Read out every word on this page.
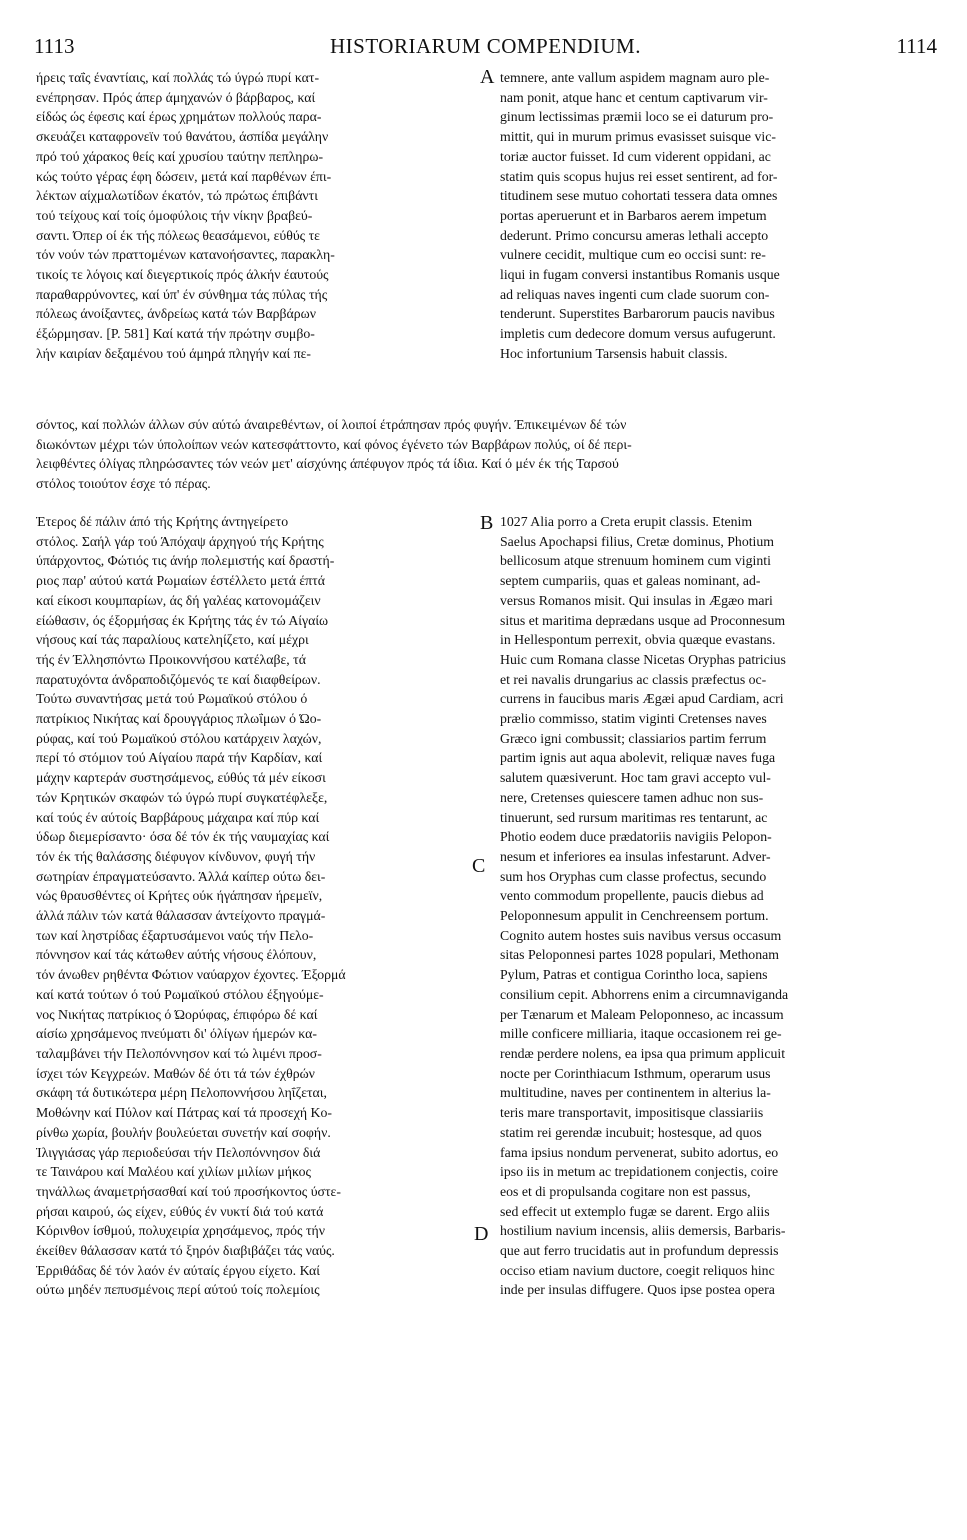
1113	HISTORIARUM COMPENDIUM.	1114
A
B
C
D
ήρεις ταΐς έναντίαις, καί πολλάς τώ ύγρώ πυρί κατ-
ενέπρησαν. Πρός άπερ άμηχανών ό βάρβαρος, καί
είδώς ώς έφεσις καί έρως χρημάτων πολλούς παρα-
σκευάζει καταφρονεϊν τού θανάτου, άσπίδα μεγάλην
πρό τού χάρακος θείς καί χρυσίου ταύτην πεπληρω-
κώς τούτο γέρας έφη δώσειν, μετά καί παρθένων έπι-
λέκτων αίχμαλωτίδων έκατόν, τώ πρώτως έπιβάντι
τού τείχους καί τοίς όμοφύλοις τήν νίκην βραβεύ-
σαντι. Όπερ οί έκ τής πόλεως θεασάμενοι, εύθύς τε
τόν νούν τών πραττομένων κατανοήσαντες, παρακλη-
τικοίς τε λόγοις καί διεγερτικοίς πρός άλκήν έαυτούς
παραθαρρύνοντες, καί ύπ' έν σύνθημα τάς πύλας τής
πόλεως άνοίξαντες, άνδρείως κατά τών Βαρβάρων
έξώρμησαν. [P. 581] Καί κατά τήν πρώτην συμβο-
λήν καιρίαν δεξαμένου τού άμηρά πληγήν καί πε-
temnere, ante vallum aspidem magnam auro ple-
nam ponit, atque hanc et centum captivarum vir-
ginum lectissimas præmii loco se ei daturum pro-
mittit, qui in murum primus evasisset suisque vic-
toriæ auctor fuisset. Id cum viderent oppidani, ac
statim quis scopus hujus rei esset sentirent, ad for-
titudinem sese mutuo cohortati tessera data omnes
portas aperuerunt et in Barbaros aerem impetum
dederunt. Primo concursu ameras lethali accepto
vulnere cecidit, multique cum eo occisi sunt: re-
liqui in fugam conversi instantibus Romanis usque
ad reliquas naves ingenti cum clade suorum con-
tenderunt. Superstites Barbarorum paucis navibus
impletis cum dedecore domum versus aufugerunt.
Hoc infortunium Tarsensis habuit classis.
σόντος, καί πολλών άλλων σύν αύτώ άναιρεθέντων, οί λοιποί έτράπησαν πρός φυγήν. Έπικειμένων δέ τών
διωκόντων μέχρι τών ύπολοίπων νεών κατεσφάττοντο, καί φόνος έγένετο τών Βαρβάρων πολύς, οί δέ περι-
λειφθέντες όλίγας πληρώσαντες τών νεών μετ' αίσχύνης άπέφυγον πρός τά ίδια. Καί ό μέν έκ τής Ταρσού
στόλος τοιούτον έσχε τό πέρας.
Έτερος δέ πάλιν άπό τής Κρήτης άντηγείρετο
στόλος. Σαήλ γάρ τού Άπόχαψ άρχηγού τής Κρήτης
ύπάρχοντος, Φώτιός τις άνήρ πολεμιστής καί δραστή-
ριος παρ' αύτού κατά Ρωμαίων έστέλλετο μετά έπτά
καί είκοσι κουμπαρίων, άς δή γαλέας κατονομάζειν
είώθασιν, ός έξορμήσας έκ Κρήτης τάς έν τώ Αίγαίω
νήσους καί τάς παραλίους κατεληίζετο, καί μέχρι
τής έν Έλλησπόντω Προικοννήσου κατέλαβε, τά
παρατυχόντα άνδραποδιζόμενός τε καί διαφθείρων.
Τούτω συναντήσας μετά τού Ρωμαϊκού στόλου ό
πατρίκιος Νικήτας καί δρουγγάριος πλωΐμων ό Ώο-
ρύφας, καί τού Ρωμαϊκού στόλου κατάρχειν λαχών,
περί τό στόμιον τού Αίγαίου παρά τήν Καρδίαν, καί
μάχην καρτεράν συστησάμενος, εύθύς τά μέν είκοσι
τών Κρητικών σκαφών τώ ύγρώ πυρί συγκατέφλεξε,
καί τούς έν αύτοίς Βαρβάρους μάχαιρα καί πύρ καί
ύδωρ διεμερίσαντο· όσα δέ τόν έκ τής ναυμαχίας καί
τόν έκ τής θαλάσσης διέφυγον κίνδυνον, φυγή τήν
σωτηρίαν έπραγματεύσαντο. Άλλά καίπερ ούτω δει-
νώς θραυσθέντες οί Κρήτες ούκ ήγάπησαν ήρεμεϊν,
άλλά πάλιν τών κατά θάλασσαν άντείχοντο πραγμά-
των καί ληστρίδας έξαρτυσάμενοι ναύς τήν Πελο-
πόννησον καί τάς κάτωθεν αύτής νήσους έλόπουν,
τόν άνωθεν ρηθέντα Φώτιον ναύαρχον έχοντες. Έξορμά
καί κατά τούτων ό τού Ρωμαϊκού στόλου έξηγούμε-
νος Νικήτας πατρίκιος ό Ώορύφας, έπιφόρω δέ καί
αίσίω χρησάμενος πνεύματι δι' όλίγων ήμερών κα-
ταλαμβάνει τήν Πελοπόννησον καί τώ λιμένι προσ-
ίσχει τών Κεγχρεών. Μαθών δέ ότι τά τών έχθρών
σκάφη τά δυτικώτερα μέρη Πελοποννήσου ληΐζεται,
Μοθώνην καί Πύλον καί Πάτρας καί τά προσεχή Κο-
ρίνθω χωρία, βουλήν βουλεύεται συνετήν καί σοφήν.
Ίλιγγιάσας γάρ περιοδεύσαι τήν Πελοπόννησον διά
τε Ταινάρου καί Μαλέου καί χιλίων μιλίων μήκος
τηνάλλως άναμετρήσασθαί καί τού προσήκοντος ύστε-
ρήσαι καιρού, ώς είχεν, εύθύς έν νυκτί διά τού κατά
Κόρινθον ίσθμού, πολυχειρία χρησάμενος, πρός τήν
έκείθεν θάλασσαν κατά τό ξηρόν διαβιβάζει τάς ναύς.
Έρριθάδας δέ τόν λαόν έν αύταίς έργου είχετο. Καί
ούτω μηδέν πεπυσμένοις περί αύτού τοίς πολεμίοις
1027 Alia porro a Creta erupit classis. Etenim
Saelus Apochapsi filius, Cretæ dominus, Photium
bellicosum atque strenuum hominem cum viginti
septem cumpariis, quas et galeas nominant, ad-
versus Romanos misit. Qui insulas in Ægæo mari
situs et maritima deprædans usque ad Proconnesum
in Hellespontum perrexit, obvia quæque evastans.
Huic cum Romana classe Nicetas Oryphas patricius
et rei navalis drungarius ac classis præfectus oc-
currens in faucibus maris Ægæi apud Cardiam, acri
prælio commisso, statim viginti Cretenses naves
Græco igni combussit; classiarios partim ferrum
partim ignis aut aqua abolevit, reliquæ naves fuga
salutem quæsiverunt. Hoc tam gravi accepto vul-
nere, Cretenses quiescere tamen adhuc non sus-
tinuerunt, sed rursum maritimas res tentarunt, ac
Photio eodem duce prædatoriis navigiis Pelopon-
nesum et inferiores ea insulas infestarunt. Adver-
sum hos Oryphas cum classe profectus, secundo
vento commodum propellente, paucis diebus ad
Peloponnesum appulit in Cenchreensem portum.
Cognito autem hostes suis navibus versus occasum
sitas Peloponnesi partes 1028 populari, Methonam
Pylum, Patras et contigua Corintho loca, sapiens
consilium cepit. Abhorrens enim a circumnaviganda
per Tænarum et Maleam Peloponneso, ac incassum
mille conficere milliaria, itaque occasionem rei ge-
rendæ perdere nolens, ea ipsa qua primum applicuit
nocte per Corinthiacum Isthmum, operarum usus
multitudine, naves per continentem in alterius la-
teris mare transportavit, impositisque classiariis
statim rei gerendæ incubuit; hostesque, ad quos
fama ipsius nondum pervenerat, subito adortus, eo
ipso iis in metum ac trepidationem conjectis, coire
eos et di propulsanda cogitare non est passus,
sed effecit ut extemplo fugæ se darent. Ergo aliis
hostilium navium incensis, aliis demersis, Barbaris-
que aut ferro trucidatis aut in profundum depressis
occiso etiam navium ductore, coegit reliquos hinc
inde per insulas diffugere. Quos ipse postea opera
